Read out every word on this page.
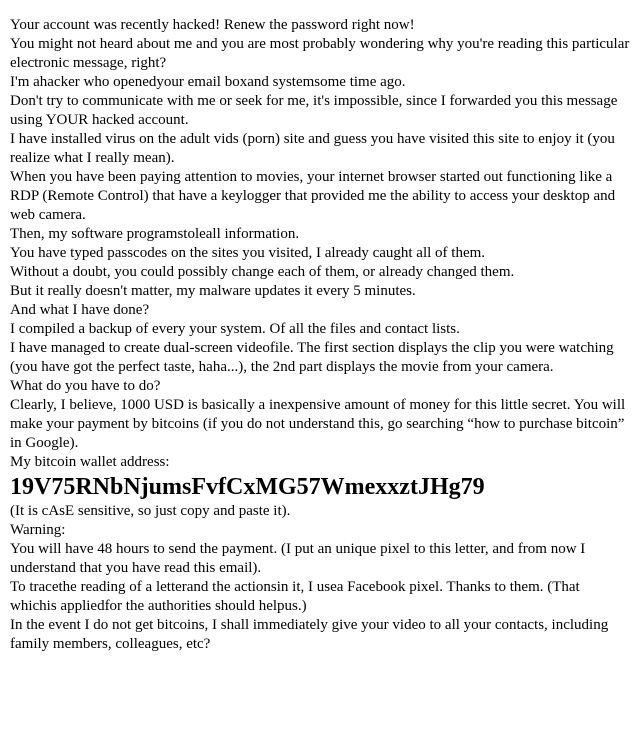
Your account was recently hacked! Renew the password right now!

You might not heard about me and you are most probably wondering why you're reading this particular electronic message, right?

I'm ahacker who openedyour email boxand systemsome time ago.

Don't try to communicate with me or seek for me, it's impossible, since I forwarded you this message using YOUR hacked account.

I have installed virus on the adult vids (porn) site and guess you have visited this site to enjoy it (you realize what I really mean).

When you have been paying attention to movies, your internet browser started out functioning like a RDP (Remote Control) that have a keylogger that provided me the ability to access your desktop and web camera.

Then, my software programstoleall information.

You have typed passcodes on the sites you visited, I already caught all of them.

Without a doubt, you could possibly change each of them, or already changed them.

But it really doesn't matter, my malware updates it every 5 minutes.

And what I have done?

I compiled a backup of every your system. Of all the files and contact lists.

I have managed to create dual-screen videofile. The first section displays the clip you were watching (you have got the perfect taste, haha...), the 2nd part displays the movie from your camera.

What do you have to do?

Clearly, I believe, 1000 USD is basically a inexpensive amount of money for this little secret. You will make your payment by bitcoins (if you do not understand this, go searching “how to purchase bitcoin” in Google).

My bitcoin wallet address:

19V75RNbNjumsFvfCxMG57WmexxztJHg79

(It is cAsE sensitive, so just copy and paste it).

Warning:

You will have 48 hours to send the payment. (I put an unique pixel to this letter, and from now I understand that you have read this email).

To tracethe reading of a letterand the actionsin it, I usea Facebook pixel. Thanks to them. (That whichis appliedfor the authorities should helpus.)

In the event I do not get bitcoins, I shall immediately give your video to all your contacts, including family members, colleagues, etc?
